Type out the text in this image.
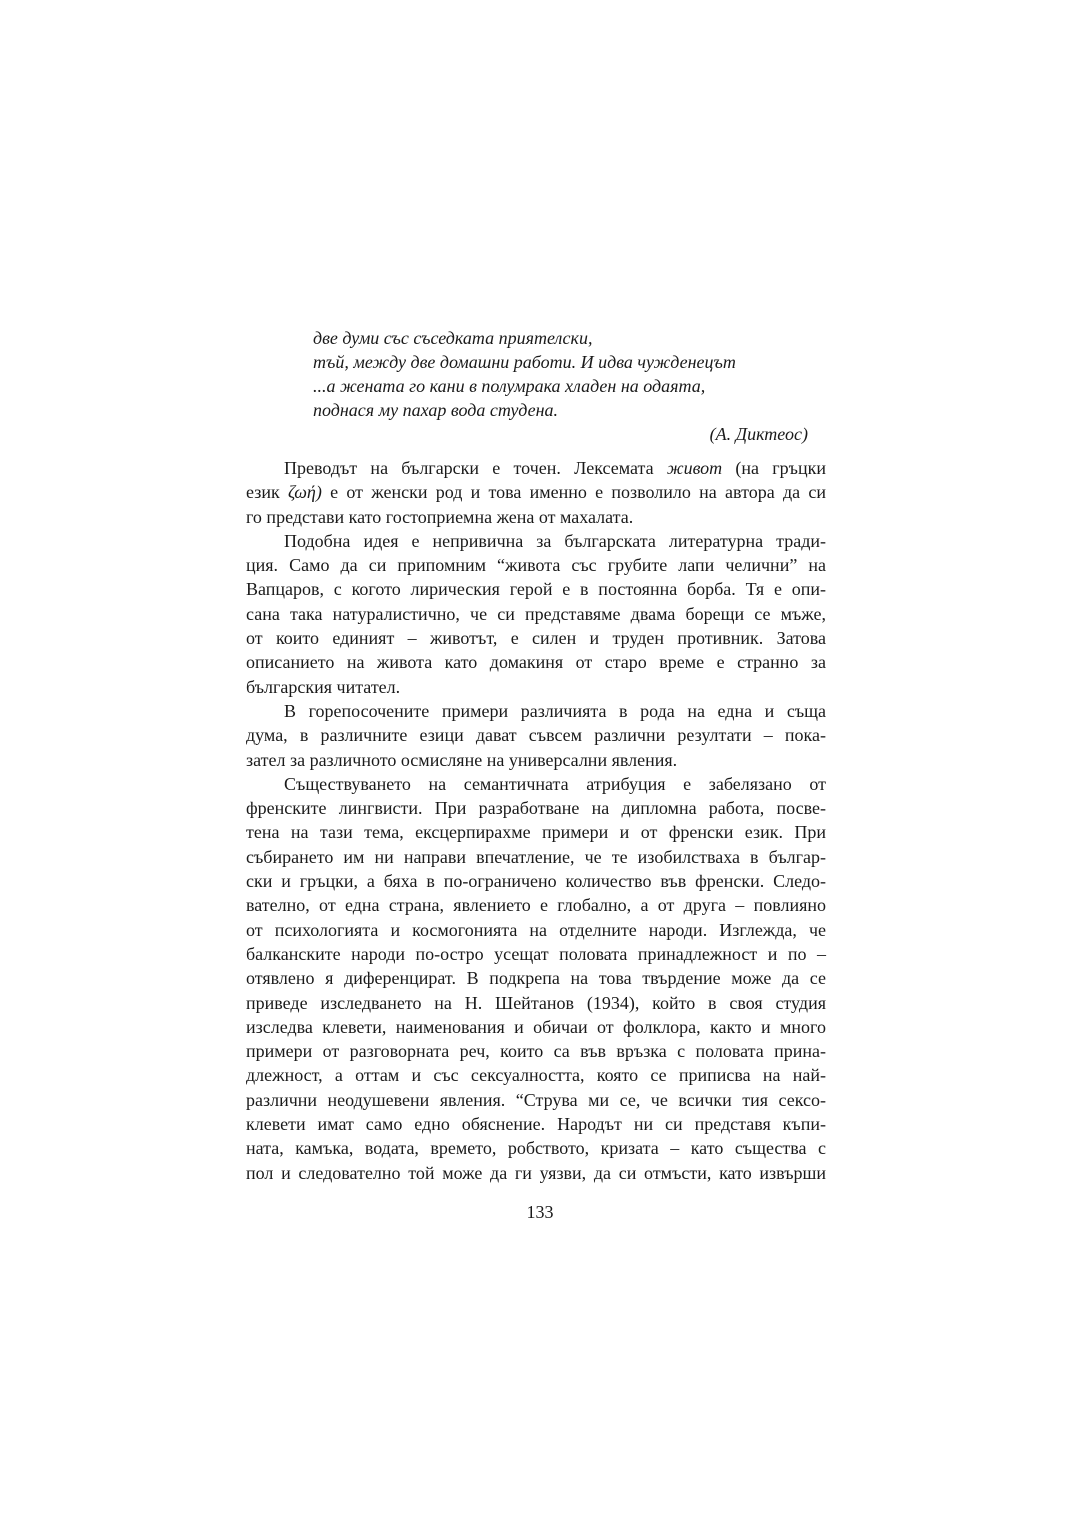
две думи със съседката приятелски,
тъй, между две домашни работи. И идва чужденецът
...а жената го кани в полумрака хладен на одаята,
поднася му пахар вода студена.
(А. Диктеос)
Преводът на български е точен. Лексемата живот (на гръцки
език ζωή) е от женски род и това именно е позволило на автора да си
го представи като гостоприемна жена от махалата.
Подобна идея е непривична за българската литературна тради-
ция. Само да си припомним “живота със грубите лапи челични” на
Вапцаров, с когото лирическия герой е в постоянна борба. Тя е опи-
сана така натуралистично, че си представяме двама борещи се мъже,
от които единият – животът, е силен и труден противник. Затова
описанието на живота като домакиня от старо време е странно за
българския читател.
В горепосочените примери различията в рода на една и съща
дума, в различните езици дават съвсем различни резултати – пока-
зател за различното осмисляне на универсални явления.
Съществуването на семантичната атрибуция е забелязано от
френските лингвисти. При разработване на дипломна работа, посве-
тена на тази тема, ексцерпирахме примери и от френски език. При
събирането им ни направи впечатление, че те изобилстваха в българ-
ски и гръцки, а бяха в по-ограничено количество във френски. Следо-
вателно, от една страна, явлението е глобално, а от друга – повлияно
от психологията и космогонията на отделните народи. Изглежда, че
балканските народи по-остро усещат половата принадлежност и по –
отявлено я диференцират. В подкрепа на това твърдение може да се
приведе изследването на Н. Шейтанов (1934), който в своя студия
изследва клевети, наименования и обичаи от фолклора, както и много
примери от разговорната реч, които са във връзка с половата прина-
длежност, а оттам и със сексуалността, която се приписва на най-
различни неодушевени явления. “Струва ми се, че всички тия сексо-
клевети имат само едно обяснение. Народът ни си представя къпи-
ната, камъка, водата, времето, робството, кризата – като същества с
пол и следователно той може да ги уязви, да си отмъсти, като извърши
133
